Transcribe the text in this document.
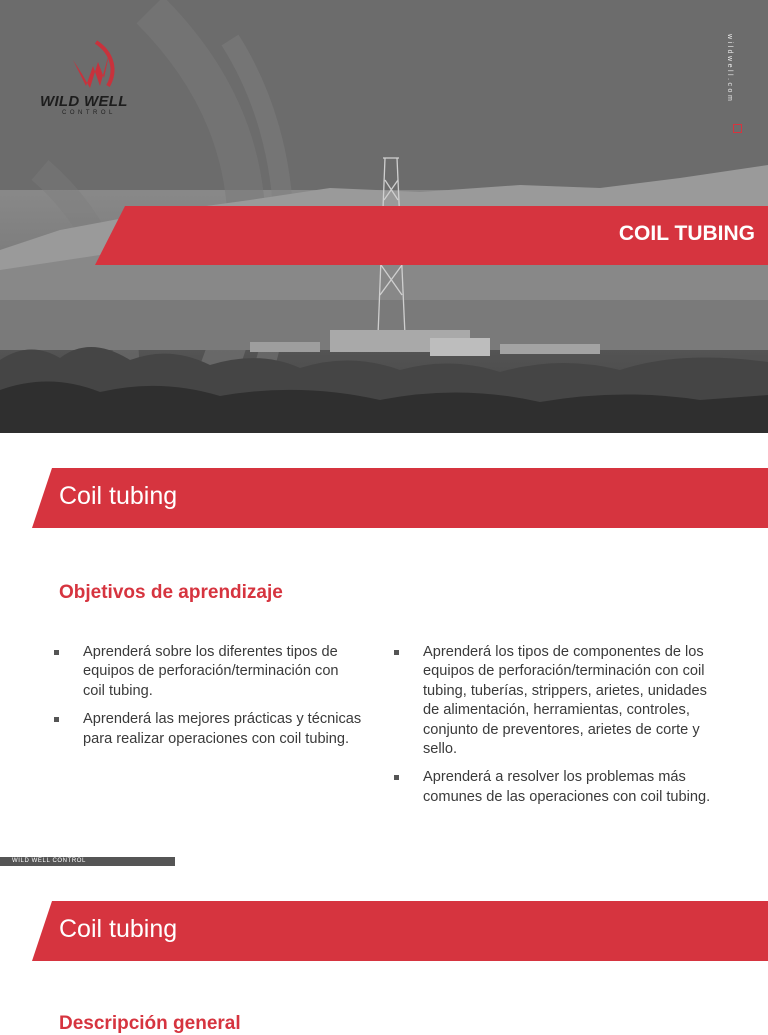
WILD WELL
CONTROL
wildwell.com
COIL TUBING
Coil tubing
Objetivos de aprendizaje
Aprenderá sobre los diferentes tipos de equipos de perforación/terminación con coil tubing.
Aprenderá las mejores prácticas y técnicas para realizar operaciones con coil tubing.
Aprenderá los tipos de componentes de los equipos de perforación/terminación con coil tubing, tuberías, strippers, arietes, unidades de alimentación, herramientas, controles, conjunto de preventores, arietes de corte y sello.
Aprenderá a resolver los problemas más comunes de las operaciones con coil tubing.
WILD WELL CONTROL
Coil tubing
Descripción general
